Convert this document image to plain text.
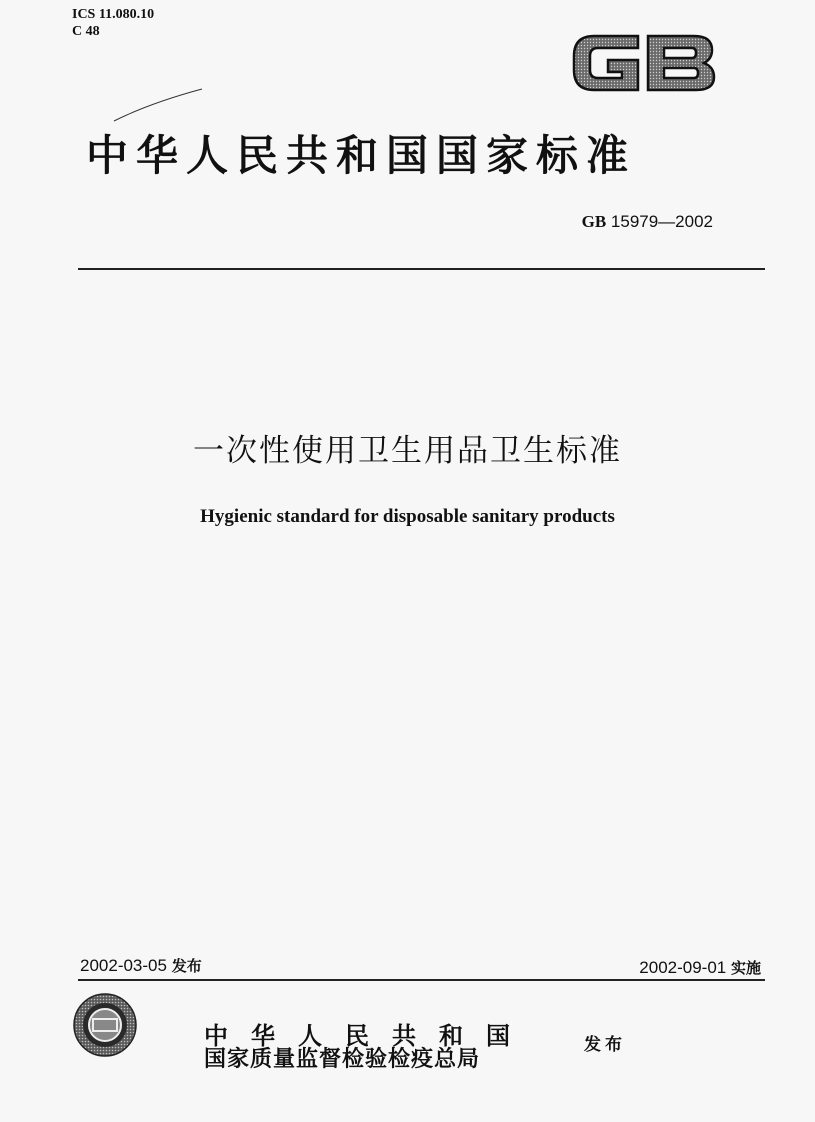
ICS 11.080.10
C 48
中华人民共和国国家标准
GB 15979—2002
一次性使用卫生用品卫生标准
Hygienic standard for disposable sanitary products
2002-03-05 发布	2002-09-01 实施
中华人民共和国
国家质量监督检验检疫总局
发布
